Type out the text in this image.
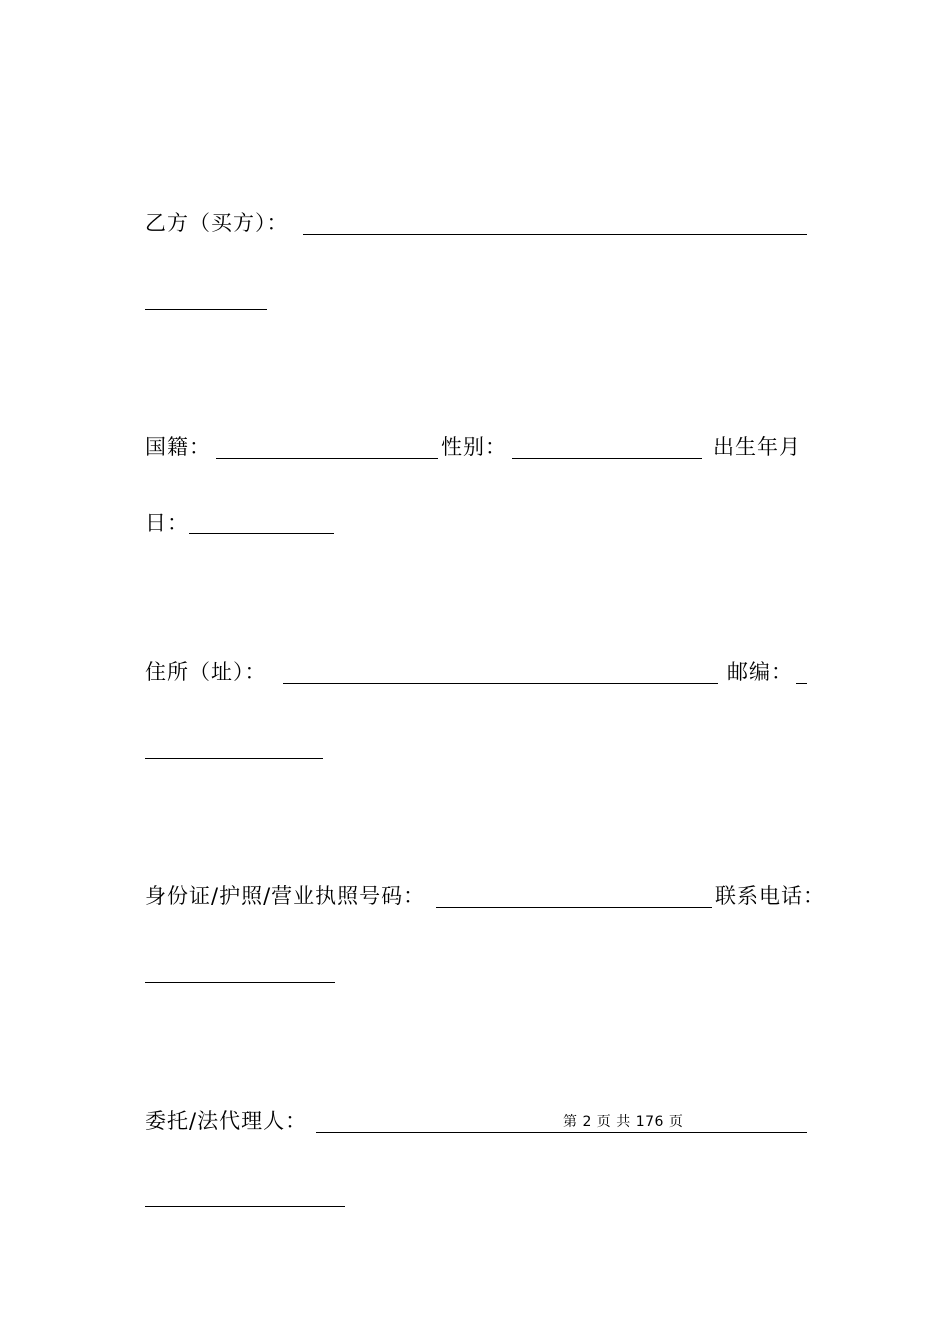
乙方（买方）：
国籍：	性别：	出生年月
日：
住所（址）：	邮编：
身份证/护照/营业执照号码：	联系电话：
委托/法代理人：	第 2 页 共 176 页
